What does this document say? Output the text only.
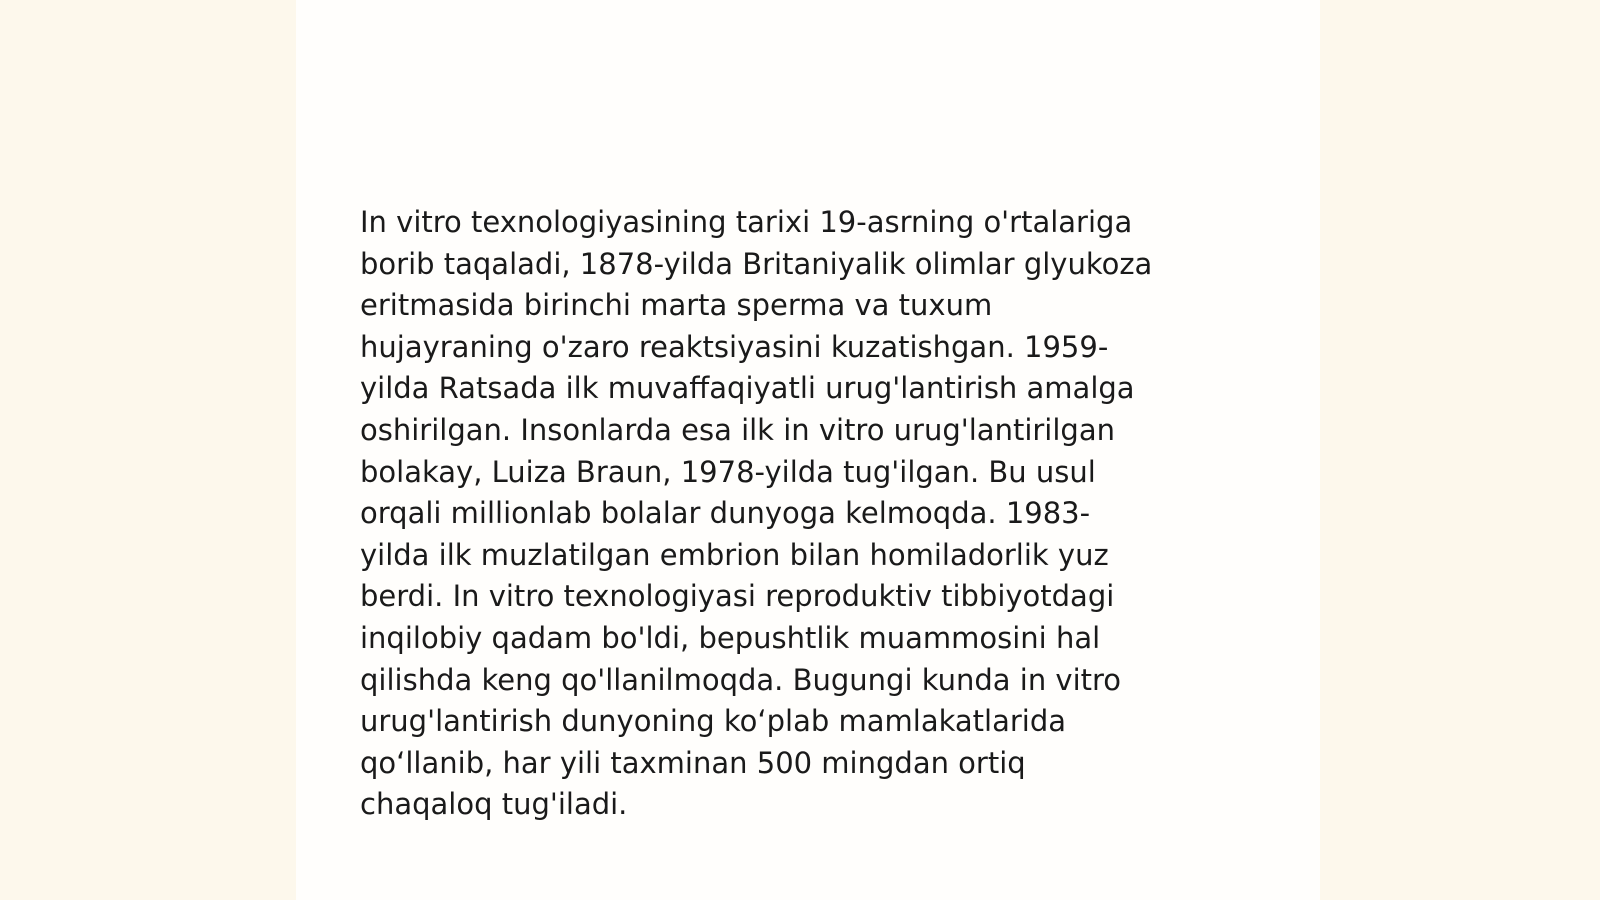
In vitro texnologiyasining tarixi 19-asrning o'rtalariga
borib taqaladi, 1878-yilda Britaniyalik olimlar glyukoza
eritmasida birinchi marta sperma va tuxum
hujayraning o'zaro reaktsiyasini kuzatishgan. 1959-
yilda Ratsada ilk muvaffaqiyatli urug'lantirish amalga
oshirilgan. Insonlarda esa ilk in vitro urug'lantirilgan
bolakay, Luiza Braun, 1978-yilda tug'ilgan. Bu usul
orqali millionlab bolalar dunyoga kelmoqda. 1983-
yilda ilk muzlatilgan embrion bilan homiladorlik yuz
berdi. In vitro texnologiyasi reproduktiv tibbiyotdagi
inqilobiy qadam bo'ldi, bepushtlik muammosini hal
qilishda keng qo'llanilmoqda. Bugungi kunda in vitro
urug'lantirish dunyoning ko‘plab mamlakatlarida
qo‘llanib, har yili taxminan 500 mingdan ortiq
chaqaloq tug'iladi.
